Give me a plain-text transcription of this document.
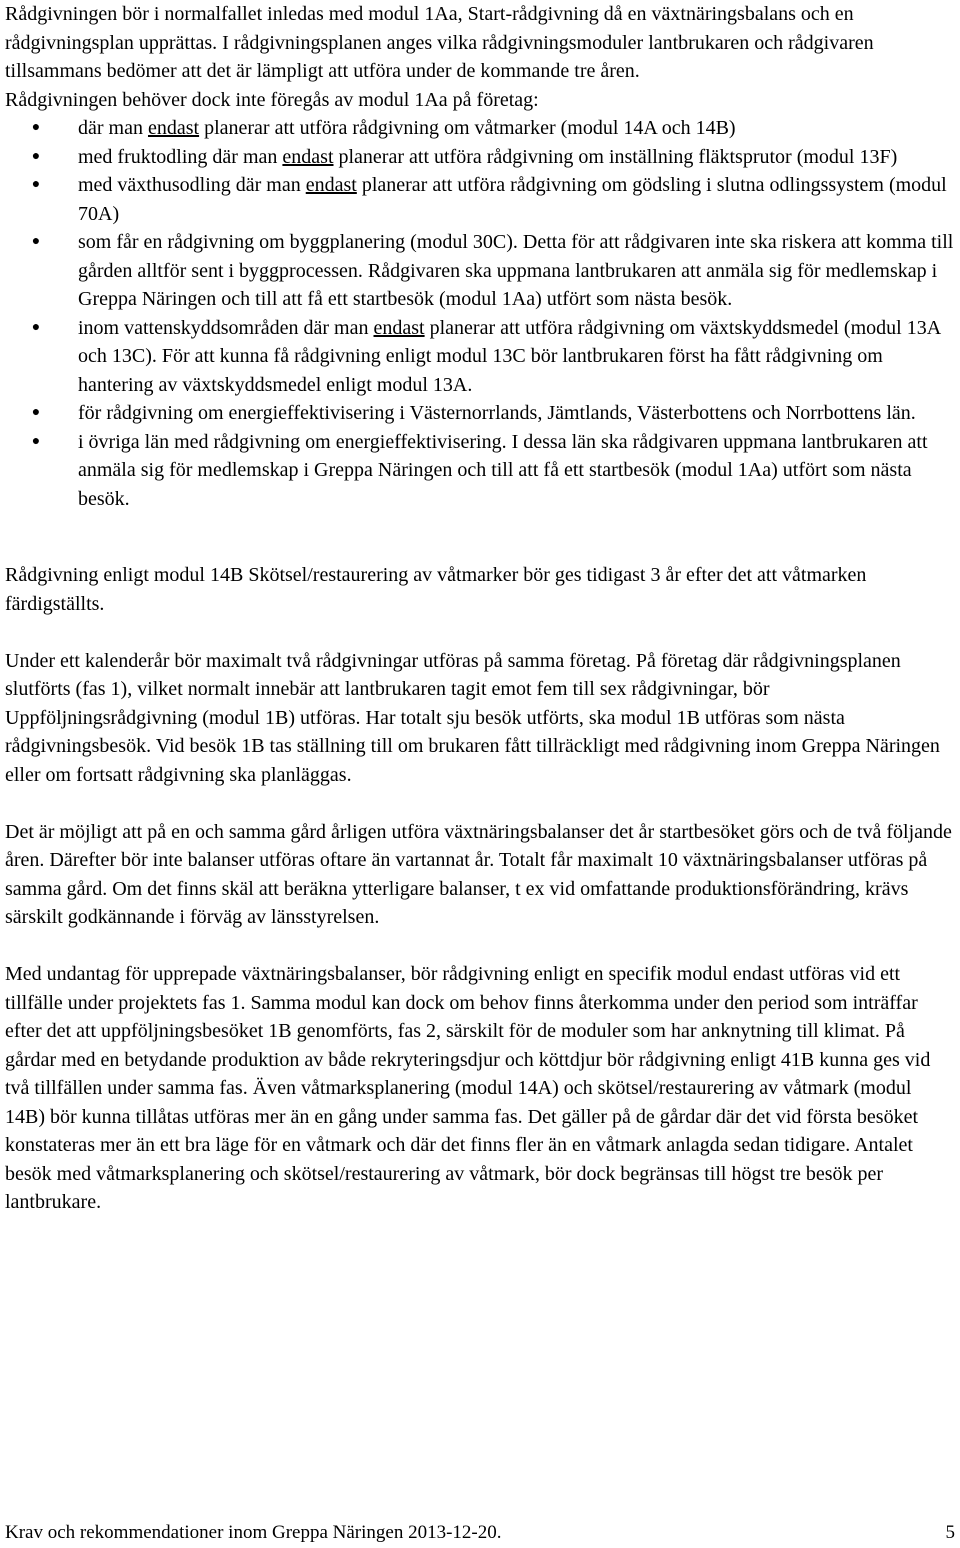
Rådgivningen bör i normalfallet inledas med modul 1Aa, Start-rådgivning då en växtnäringsbalans och en rådgivningsplan upprättas. I rådgivningsplanen anges vilka rådgivningsmoduler lantbrukaren och rådgivaren tillsammans bedömer att det är lämpligt att utföra under de kommande tre åren.

Rådgivningen behöver dock inte föregås av modul 1Aa på företag:

● där man endast planerar att utföra rådgivning om våtmarker (modul 14A och 14B)
● med fruktodling där man endast planerar att utföra rådgivning om inställning fläktsprutor (modul 13F)
● med växthusodling där man endast planerar att utföra rådgivning om gödsling i slutna odlingssystem (modul 70A)
● som får en rådgivning om byggplanering (modul 30C). Detta för att rådgivaren inte ska riskera att komma till gården alltför sent i byggprocessen. Rådgivaren ska uppmana lantbrukaren att anmäla sig för medlemskap i Greppa Näringen och till att få ett startbesök (modul 1Aa) utfört som nästa besök.
● inom vattenskyddsområden där man endast planerar att utföra rådgivning om växtskyddsmedel (modul 13A och 13C). För att kunna få rådgivning enligt modul 13C bör lantbrukaren först ha fått rådgivning om hantering av växtskyddsmedel enligt modul 13A.
● för rådgivning om energieffektivisering i Västernorrlands, Jämtlands, Västerbottens och Norrbottens län.
● i övriga län med rådgivning om energieffektivisering. I dessa län ska rådgivaren uppmana lantbrukaren att anmäla sig för medlemskap i Greppa Näringen och till att få ett startbesök (modul 1Aa) utfört som nästa besök.

Rådgivning enligt modul 14B Skötsel/restaurering av våtmarker bör ges tidigast 3 år efter det att våtmarken färdigställts.

Under ett kalenderår bör maximalt två rådgivningar utföras på samma företag. På företag där rådgivningsplanen slutförts (fas 1), vilket normalt innebär att lantbrukaren tagit emot fem till sex rådgivningar, bör Uppföljningsrådgivning (modul 1B) utföras. Har totalt sju besök utförts, ska modul 1B utföras som nästa rådgivningsbesök. Vid besök 1B tas ställning till om brukaren fått tillräckligt med rådgivning inom Greppa Näringen eller om fortsatt rådgivning ska planläggas.

Det är möjligt att på en och samma gård årligen utföra växtnäringsbalanser det år startbesöket görs och de två följande åren. Därefter bör inte balanser utföras oftare än vartannat år. Totalt får maximalt 10 växtnäringsbalanser utföras på samma gård. Om det finns skäl att beräkna ytterligare balanser, t ex vid omfattande produktionsförändring, krävs särskilt godkännande i förväg av länsstyrelsen.

Med undantag för upprepade växtnäringsbalanser, bör rådgivning enligt en specifik modul endast utföras vid ett tillfälle under projektets fas 1. Samma modul kan dock om behov finns återkomma under den period som inträffar efter det att uppföljningsbesöket 1B genomförts, fas 2, särskilt för de moduler som har anknytning till klimat. På gårdar med en betydande produktion av både rekryteringsdjur och köttdjur bör rådgivning enligt 41B kunna ges vid två tillfällen under samma fas. Även våtmarksplanering (modul 14A) och skötsel/restaurering av våtmark (modul 14B) bör kunna tillåtas utföras mer än en gång under samma fas. Det gäller på de gårdar där det vid första besöket konstateras mer än ett bra läge för en våtmark och där det finns fler än en våtmark anlagda sedan tidigare. Antalet besök med våtmarksplanering och skötsel/restaurering av våtmark, bör dock begränsas till högst tre besök per lantbrukare.

Krav och rekommendationer inom Greppa Näringen 2013-12-20.	5
